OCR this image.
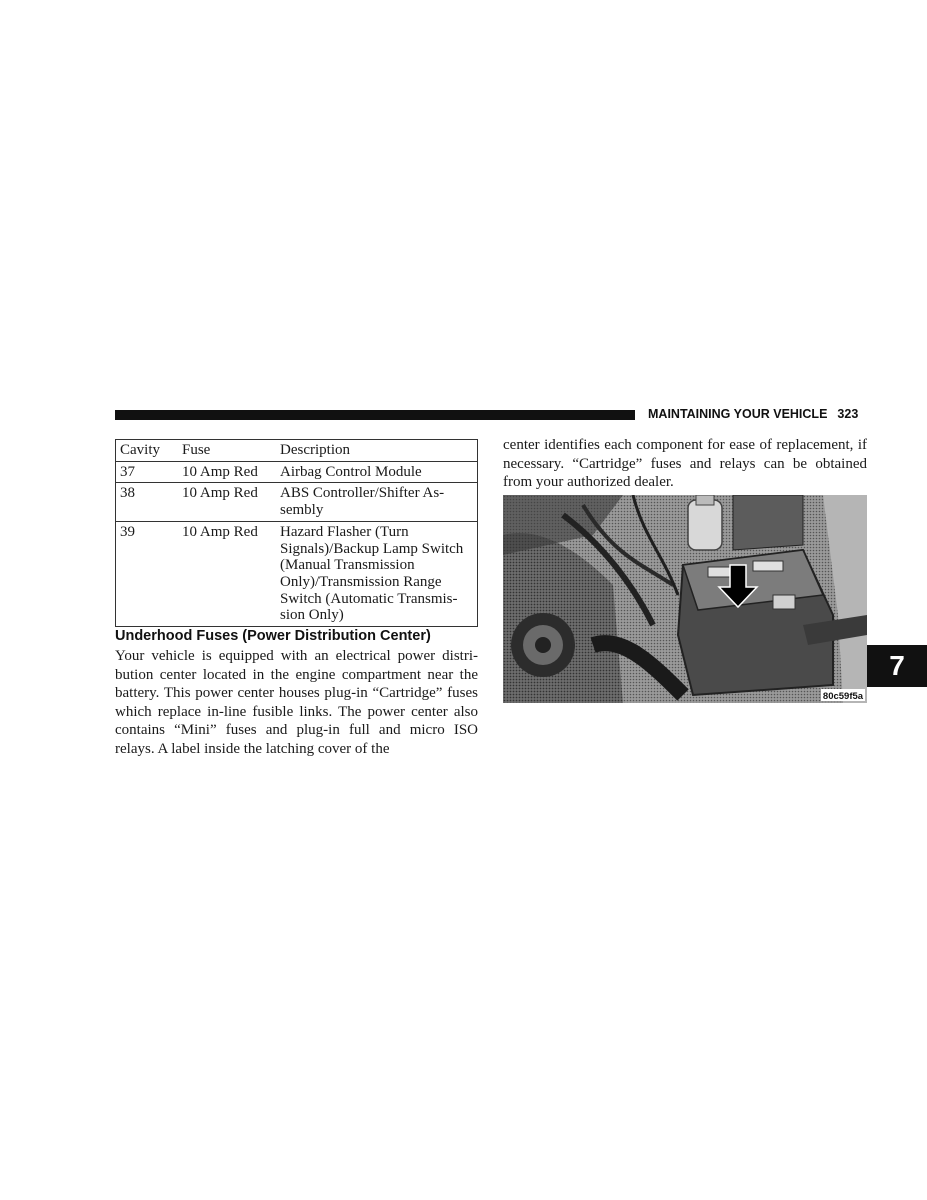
MAINTAINING YOUR VEHICLE 323
Cavity	Fuse	Description
37	10 Amp Red	Airbag Control Module
38	10 Amp Red	ABS Controller/Shifter As-sembly
39	10 Amp Red	Hazard Flasher (Turn Signals)/Backup Lamp Switch (Manual Transmission Only)/Transmission Range Switch (Automatic Transmis-sion Only)
Underhood Fuses (Power Distribution Center)
Your vehicle is equipped with an electrical power distri-bution center located in the engine compartment near the battery. This power center houses plug-in “Cartridge” fuses which replace in-line fusible links. The power center also contains “Mini” fuses and plug-in full and micro ISO relays. A label inside the latching cover of the
center identifies each component for ease of replacement, if necessary. “Cartridge” fuses and relays can be obtained from your authorized dealer.
80c59f5a
7
